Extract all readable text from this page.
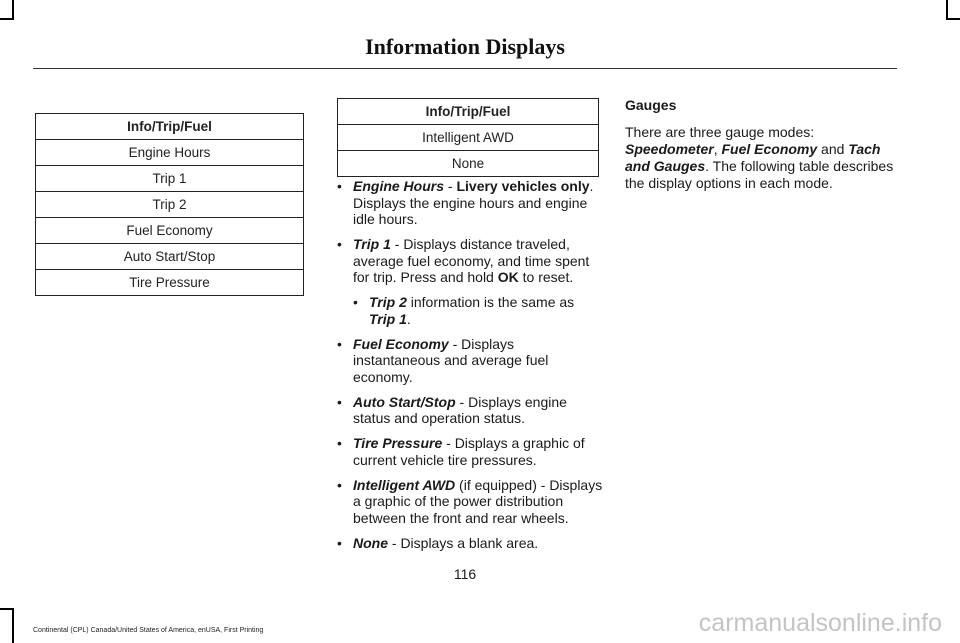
Information Displays
Info/Trip/Fuel
Engine Hours
Trip 1
Trip 2
Fuel Economy
Auto Start/Stop
Tire Pressure
Info/Trip/Fuel
Intelligent AWD
None
• Engine Hours - Livery vehicles only. Displays the engine hours and engine idle hours.
• Trip 1 - Displays distance traveled, average fuel economy, and time spent for trip. Press and hold OK to reset.
• Trip 2 information is the same as Trip 1.
• Fuel Economy - Displays instantaneous and average fuel economy.
• Auto Start/Stop - Displays engine status and operation status.
• Tire Pressure - Displays a graphic of current vehicle tire pressures.
• Intelligent AWD (if equipped) - Displays a graphic of the power distribution between the front and rear wheels.
• None - Displays a blank area.
Gauges

There are three gauge modes: Speedometer, Fuel Economy and Tach and Gauges. The following table describes the display options in each mode.

116
Continental (CPL) Canada/United States of America, enUSA, First Printing	carmanualsonline.info
